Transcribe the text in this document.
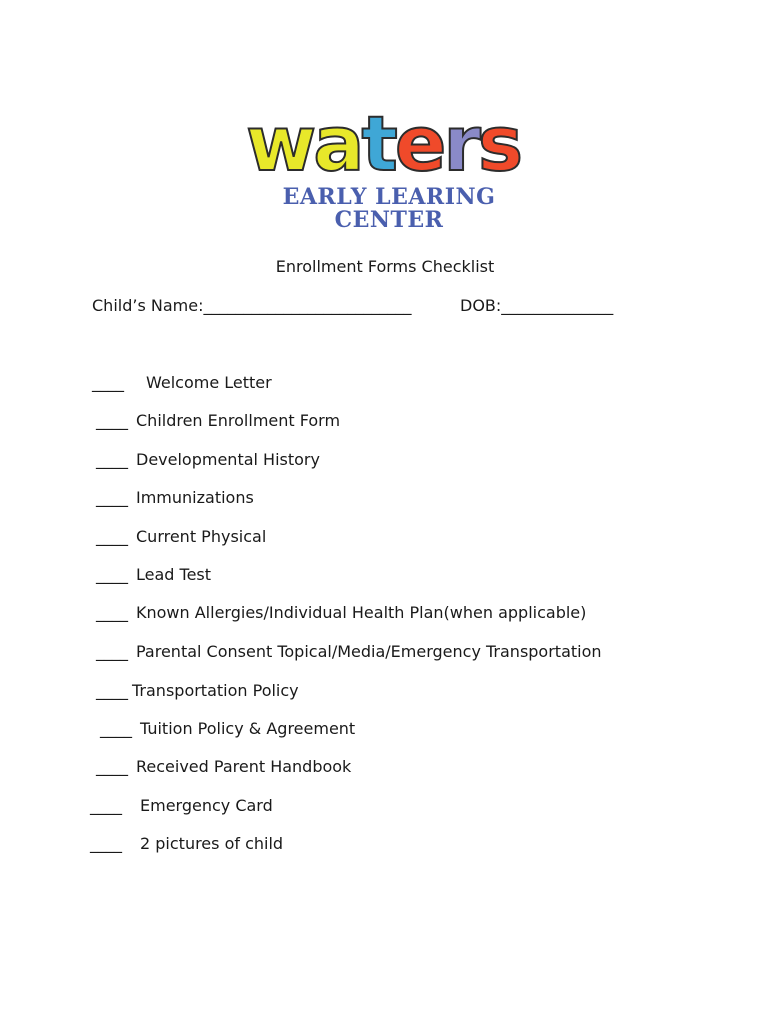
waters
EARLY LEARING
CENTER
Enrollment Forms Checklist
Child’s Name:__________________________	DOB:______________
____ Welcome Letter
____ Children Enrollment Form
____ Developmental History
____ Immunizations
____ Current Physical
____ Lead Test
____ Known Allergies/Individual Health Plan(when applicable)
____ Parental Consent Topical/Media/Emergency Transportation
____ Transportation Policy
____ Tuition Policy & Agreement
____ Received Parent Handbook
____ Emergency Card
____ 2 pictures of child
